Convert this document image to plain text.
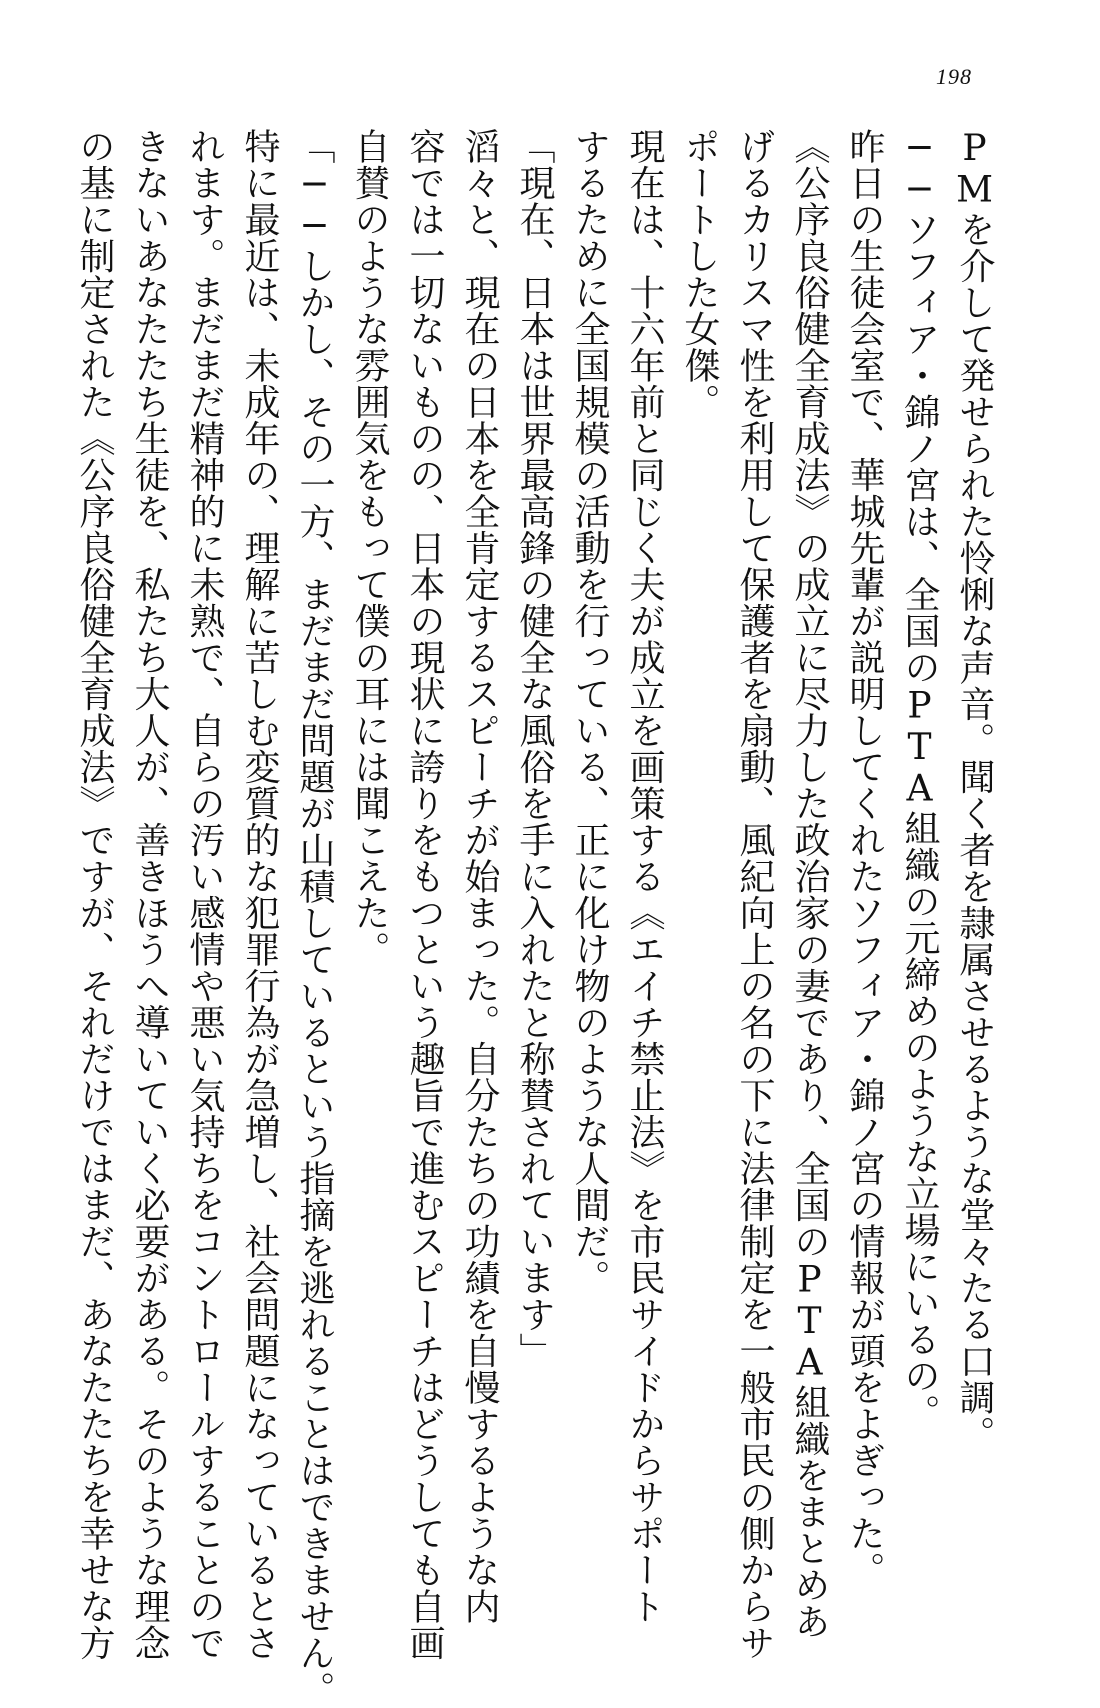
198
PMを介して発せられた怜悧な声音。聞く者を隷属させるような堂々たる口調。
──ソフィア・錦ノ宮は、全国のPTA組織の元締めのような立場にいるの。
昨日の生徒会室で、華城先輩が説明してくれたソフィア・錦ノ宮の情報が頭をよぎった。
《公序良俗健全育成法》の成立に尽力した政治家の妻であり、全国のPTA組織をまとめあ
げるカリスマ性を利用して保護者を扇動、風紀向上の名の下に法律制定を一般市民の側からサ
ポートした女傑。
現在は、十六年前と同じく夫が成立を画策する《エイチ禁止法》を市民サイドからサポート
するために全国規模の活動を行っている、正に化け物のような人間だ。
「現在、日本は世界最高鋒の健全な風俗を手に入れたと称賛されています」
滔々と、現在の日本を全肯定するスピーチが始まった。自分たちの功績を自慢するような内
容では一切ないものの、日本の現状に誇りをもつという趣旨で進むスピーチはどうしても自画
自賛のような雰囲気をもって僕の耳には聞こえた。
「──しかし、その一方、まだまだ問題が山積しているという指摘を逃れることはできません。
特に最近は、未成年の、理解に苦しむ変質的な犯罪行為が急増し、社会問題になっているとさ
れます。まだまだ精神的に未熟で、自らの汚い感情や悪い気持ちをコントロールすることので
きないあなたたち生徒を、私たち大人が、善きほうへ導いていく必要がある。そのような理念
の基に制定された《公序良俗健全育成法》ですが、それだけではまだ、あなたたちを幸せな方
